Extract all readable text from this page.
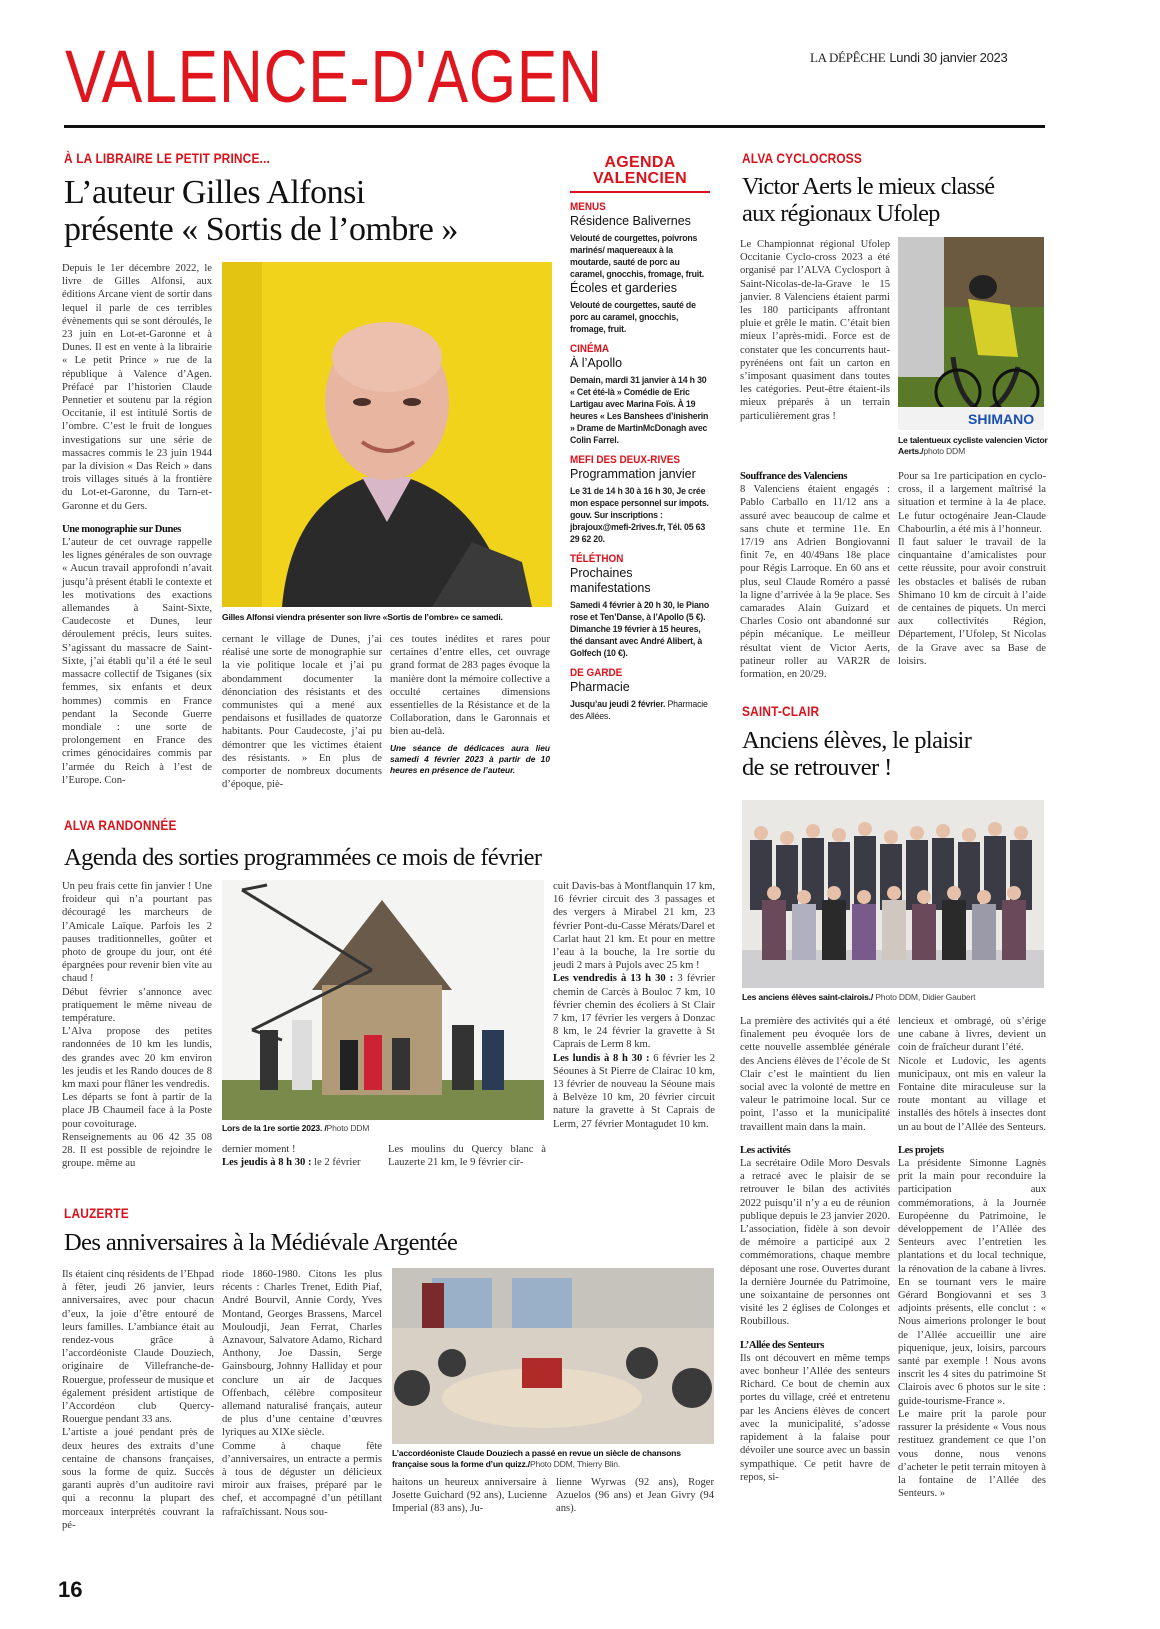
VALENCE-D'AGEN	LA DÉPÊCHE Lundi 30 janvier 2023
À LA LIBRAIRE LE PETIT PRINCE...
L’auteur Gilles Alfonsi
présente « Sortis de l’ombre »

Depuis le 1er décembre 2022, le livre de Gilles Alfonsi, aux éditions Arcane vient de sortir dans lequel il parle de ces terribles évènements qui se sont déroulés, le 23 juin en Lot-et-Garonne et à Dunes. Il est en vente à la librairie « Le petit Prince » rue de la république à Valence d’Agen. Préfacé par l’historien Claude Pennetier et soutenu par la région Occitanie, il est intitulé Sortis de l’ombre. C’est le fruit de longues investigations sur une série de massacres commis le 23 juin 1944 par la division « Das Reich » dans trois villages situés à la frontière du Lot-et-Garonne, du Tarn-et-Garonne et du Gers.

Une monographie sur Dunes

L’auteur de cet ouvrage rappelle les lignes générales de son ouvrage « Aucun travail approfondi n’avait jusqu’à présent établi le contexte et les motivations des exactions allemandes à Saint-Sixte, Caudecoste et Dunes, leur déroulement précis, leurs suites. S’agissant du massacre de Saint-Sixte, j’ai établi qu’il a été le seul massacre collectif de Tsiganes (six femmes, six enfants et deux hommes) commis en France pendant la Seconde Guerre mondiale : une sorte de prolongement en France des crimes génocidaires commis par l’armée du Reich à l’est de l’Europe. Con-

Gilles Alfonsi viendra présenter son livre «Sortis de l’ombre» ce samedi.
cernant le village de Dunes, j’ai réalisé une sorte de monographie sur la vie politique locale et j’ai pu abondamment documenter la dénonciation des résistants et des communistes qui a mené aux pendaisons et fusillades de quatorze habitants. Pour Caudecoste, j’ai pu démontrer que les victimes étaient des résistants. » En plus de comporter de nombreux documents d’époque, piè-

ces toutes inédites et rares pour certaines d’entre elles, cet ouvrage grand format de 283 pages évoque la manière dont la mémoire collective a occulté certaines dimensions essentielles de la Résistance et de la Collaboration, dans le Garonnais et bien au-delà.

Une séance de dédicaces aura lieu samedi 4 février 2023 à partir de 10 heures en présence de l’auteur.

AGENDA
VALENCIEN
MENUS
Résidence Balivernes
Velouté de courgettes, poivrons marinés/ maquereaux à la moutarde, sauté de porc au caramel, gnocchis, fromage, fruit.
Écoles et garderies
Velouté de courgettes, sauté de porc au caramel, gnocchis, fromage, fruit.
CINÉMA
À l’Apollo
Demain, mardi 31 janvier à 14 h 30 « Cet été-là » Comédie de Eric Lartigau avec Marina Foïs. À 19 heures « Les Banshees d’inisherin » Drame de MartinMcDonagh avec Colin Farrel.
MEFI DES DEUX-RIVES
Programmation janvier
Le 31 de 14 h 30 à 16 h 30, Je crée mon espace personnel sur impots. gouv. Sur inscriptions : jbrajoux@mefi-2rives.fr, Tél. 05 63 29 62 20.
TÉLÉTHON
Prochaines manifestations
Samedi 4 février à 20 h 30, le Piano rose et Ten’Danse, à l’Apollo (5 €). Dimanche 19 février à 15 heures, thé dansant avec André Alibert, à Golfech (10 €).
DE GARDE
Pharmacie
Jusqu’au jeudi 2 février. Pharmacie des Allées.
ALVA CYCLOCROSS
Victor Aerts le mieux classé
aux régionaux Ufolep
Le Championnat régional Ufolep Occitanie Cyclo-cross 2023 a été organisé par l’ALVA Cyclosport à Saint-Nicolas-de-la-Grave le 15 janvier. 8 Valenciens étaient parmi les 180 participants affrontant pluie et grêle le matin. C’était bien mieux l’après-midi. Force est de constater que les concurrents haut-pyrénéens ont fait un carton en s’imposant quasiment dans toutes les catégories. Peut-être étaient-ils mieux préparés à un terrain particulièrement gras !	SHIMANO
Le talentueux cycliste valencien Victor Aerts./photo DDM
Souffrance des Valenciens

8 Valenciens étaient engagés : Pablo Carballo en 11/12 ans a assuré avec beaucoup de calme et sans chute et termine 11e. En 17/19 ans Adrien Bongiovanni finit 7e, en 40/49ans 18e place pour Régis Larroque. En 60 ans et plus, seul Claude Roméro a passé la ligne d’arrivée à la 9e place. Ses camarades Alain Guizard et Charles Cosio ont abandonné sur pépin mécanique. Le meilleur résultat vient de Victor Aerts, patineur roller au VAR2R de formation, en 20/29.

Pour sa 1re participation en cyclo-cross, il a largement maîtrisé la situation et termine à la 4e place. Le futur octogénaire Jean-Claude Chabourlin, a été mis à l’honneur.

Il faut saluer le travail de la cinquantaine d’amicalistes pour cette réussite, pour avoir construit les obstacles et balisés de ruban Shimano 10 km de circuit à l’aide de centaines de piquets. Un merci aux collectivités Région, Département, l’Ufolep, St Nicolas de la Grave avec sa Base de loisirs.

SAINT-CLAIR
Anciens élèves, le plaisir
de se retrouver !
Les anciens élèves saint-clairois./ Photo DDM, Didier Gaubert

La première des activités qui a été finalement peu évoquée lors de cette nouvelle assemblée générale des Anciens élèves de l’école de St Clair c’est le maintient du lien social avec la volonté de mettre en valeur le patrimoine local. Sur ce point, l’asso et la municipalité travaillent main dans la main.

Les activités

La secrétaire Odile Moro Desvals a retracé avec le plaisir de se retrouver le bilan des activités 2022 puisqu’il n’y a eu de réunion publique depuis le 23 janvier 2020. L’association, fidèle à son devoir de mémoire a participé aux 2 commémorations, chaque membre déposant une rose. Ouvertes durant la dernière Journée du Patrimoine, une soixantaine de personnes ont visité les 2 églises de Colonges et Roubillous.

L’Allée des Senteurs

Ils ont découvert en même temps avec bonheur l’Allée des senteurs Richard. Ce bout de chemin aux portes du village, créé et entretenu par les Anciens élèves de concert avec la municipalité, s’adosse rapidement à la falaise pour dévoiler une source avec un bassin sympathique. Ce petit havre de repos, si-

lencieux et ombragé, où s’érige une cabane à livres, devient un coin de fraîcheur durant l’été.

Nicole et Ludovic, les agents municipaux, ont mis en valeur la Fontaine dite miraculeuse sur la route montant au village et installés des hôtels à insectes dont un au bout de l’Allée des Senteurs.

Les projets

La présidente Simonne Lagnès prit la main pour reconduire la participation aux commémorations, à la Journée Européenne du Patrimoine, le développement de l’Allée des Senteurs avec l’entretien les plantations et du local technique, la rénovation de la cabane à livres. En se tournant vers le maire Gérard Bongiovanni et ses 3 adjoints présents, elle conclut : « Nous aimerions prolonger le bout de l’Allée accueillir une aire piquenique, jeux, loisirs, parcours santé par exemple ! Nous avons inscrit les 4 sites du patrimoine St Clairois avec 6 photos sur le site : guide-tourisme-France ».

Le maire prit la parole pour rassurer la présidente « Vous nous restituez grandement ce que l’on vous donne, nous venons d’acheter le petit terrain mitoyen à la fontaine de l’Allée des Senteurs. »

ALVA RANDONNÉE
Agenda des sorties programmées ce mois de février

Un peu frais cette fin janvier ! Une froideur qui n’a pourtant pas découragé les marcheurs de l’Amicale Laïque. Parfois les 2 pauses traditionnelles, goûter et photo de groupe du jour, ont été épargnées pour revenir bien vite au chaud !

Début février s’annonce avec pratiquement le même niveau de température.

L’Alva propose des petites randonnées de 10 km les lundis, des grandes avec 20 km environ les jeudis et les Rando douces de 8 km maxi pour flâner les vendredis.

Les départs se font à partir de la place JB Chaumeil face à la Poste pour covoiturage.

Renseignements au 06 42 35 08 28. Il est possible de rejoindre le groupe. même au

Lors de la 1re sortie 2023. /Photo DDM

dernier moment !

Les jeudis à 8 h 30 : le 2 février

Les moulins du Quercy blanc à Lauzerte 21 km, le 9 février cir-

cuit Davis-bas à Montflanquin 17 km, 16 février circuit des 3 passages et des vergers à Mirabel 21 km, 23 février Pont-du-Casse Mérats/Darel et Carlat haut 21 km. Et pour en mettre l’eau à la bouche, la 1re sortie du jeudi 2 mars à Pujols avec 25 km !

Les vendredis à 13 h 30 : 3 février chemin de Carcès à Bouloc 7 km, 10 février chemin des écoliers à St Clair 7 km, 17 février les vergers à Donzac 8 km, le 24 février la gravette à St Caprais de Lerm 8 km.

Les lundis à 8 h 30 : 6 février les 2 Séounes à St Pierre de Clairac 10 km, 13 février de nouveau la Séoune mais à Belvèze 10 km, 20 février circuit nature la gravette à St Caprais de Lerm, 27 février Montagudet 10 km.

LAUZERTE
Des anniversaires à la Médiévale Argentée

Ils étaient cinq résidents de l’Ehpad à fêter, jeudi 26 janvier, leurs anniversaires, avec pour chacun d’eux, la joie d’être entouré de leurs familles. L’ambiance était au rendez-vous grâce à l’accordéoniste Claude Douziech, originaire de Villefranche-de-Rouergue, professeur de musique et également président artistique de l’Accordéon club Quercy-Rouergue pendant 33 ans.

L’artiste a joué pendant près de deux heures des extraits d’une centaine de chansons françaises, sous la forme de quiz. Succès garanti auprès d’un auditoire ravi qui a reconnu la plupart des morceaux interprétés couvrant la pé-

riode 1860-1980. Citons les plus récents : Charles Trenet, Edith Piaf, André Bourvil, Annie Cordy, Yves Montand, Georges Brassens, Marcel Mouloudji, Jean Ferrat, Charles Aznavour, Salvatore Adamo, Richard Anthony, Joe Dassin, Serge Gainsbourg, Johnny Halliday et pour conclure un air de Jacques Offenbach, célèbre compositeur allemand naturalisé français, auteur de plus d’une centaine d’œuvres lyriques au XIXe siècle.

Comme à chaque fête d’anniversaires, un entracte a permis à tous de déguster un délicieux miroir aux fraises, préparé par le chef, et accompagné d’un pétillant rafraîchissant. Nous sou-

L’accordéoniste Claude Douziech a passé en revue un siècle de chansons française sous la forme d’un quizz./Photo DDM, Thierry Blin.
haitons un heureux anniversaire à Josette Guichard (92 ans), Lucienne Imperial (83 ans), Ju-
lienne Wyrwas (92 ans), Roger Azuelos (96 ans) et Jean Givry (94 ans).
16
